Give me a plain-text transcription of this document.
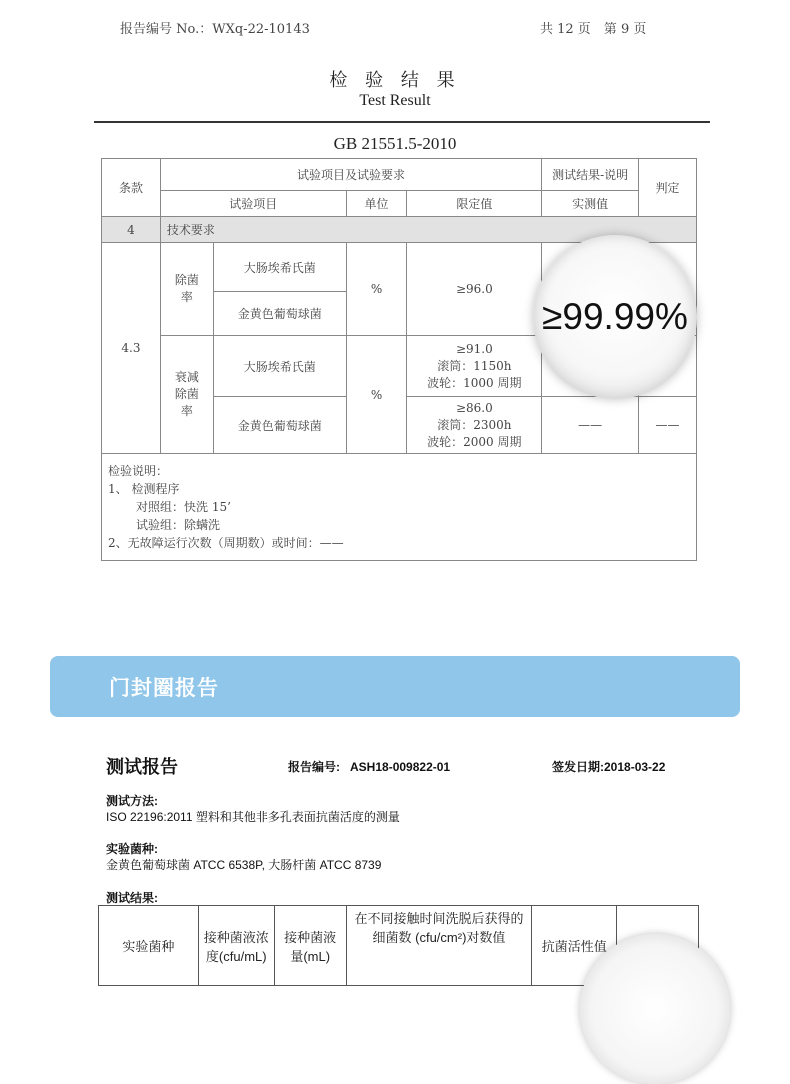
报告编号 No.：WXq-22-10143	共 12 页　第 9 页
检 验 结 果
Test Result
GB 21551.5-2010
条款	试验项目及试验要求				测试结果-说明	判定
	试验项目		单位	限定值	实测值	
4	技术要求					
4.3	除菌率	大肠埃希氏菌	%	≥96.0		
		金黄色葡萄球菌				
	衰减除菌率	大肠埃希氏菌	%	≥91.0
滚筒：1150h
波轮：1000 周期		

		金黄色葡萄球菌		≥86.0
滚筒：2300h
波轮：2000 周期	——	——

检验说明：
1、 检测程序
对照组：快洗 15’
试验组：除螨洗
2、无故障运行次数（周期数）或时间：——						
≥99.99%
门封圈报告
测试报告	报告编号: ASH18-009822-01	签发日期:2018-03-22
测试方法:
ISO 22196:2011 塑料和其他非多孔表面抗菌活度的测量
实验菌种:
金黄色葡萄球菌 ATCC 6538P, 大肠杆菌 ATCC 8739
测试结果:
实验菌种	接种菌液浓度(cfu/mL)	接种菌液量(mL)	在不同接触时间洗脱后获得的细菌数 (cfu/cm²)对数值	抗菌活性值	
